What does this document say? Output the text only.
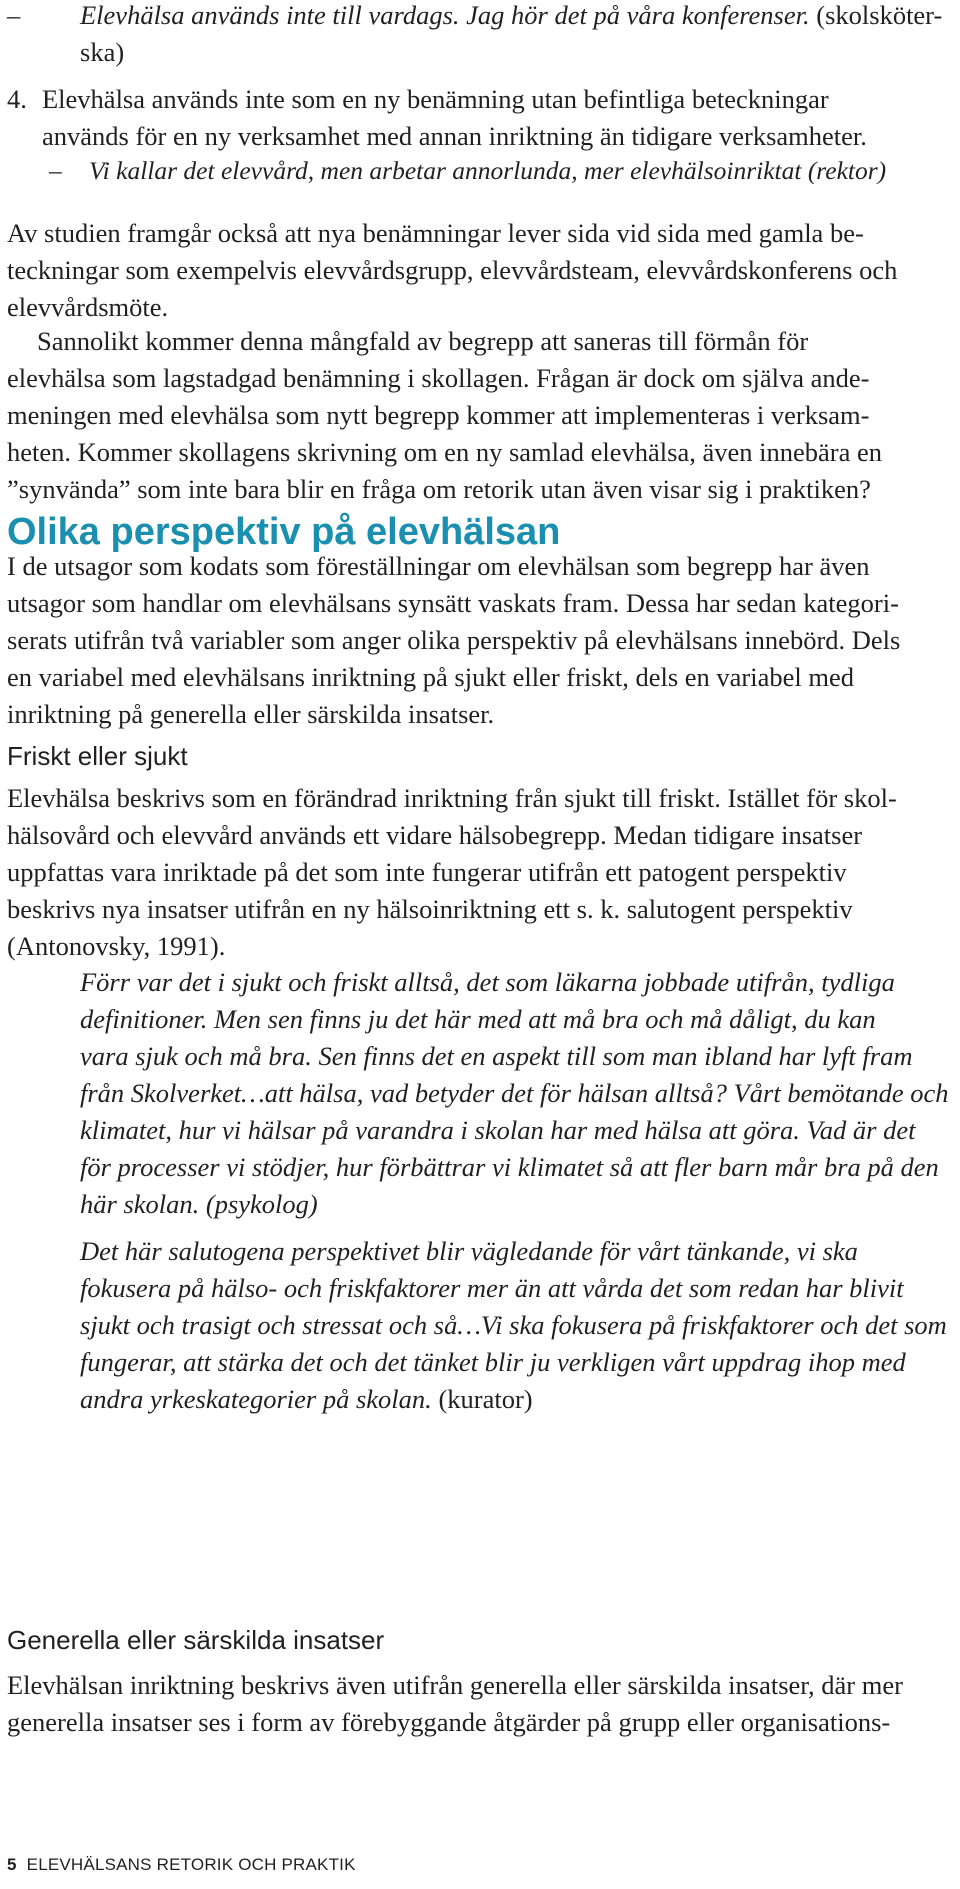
– Elevhälsa används inte till vardags. Jag hör det på våra konferenser. (skolsköter-
ska)
4. Elevhälsa används inte som en ny benämning utan befintliga beteckningar
används för en ny verksamhet med annan inriktning än tidigare verksamheter.
– Vi kallar det elevvård, men arbetar annorlunda, mer elevhälsoinriktat (rektor)
Av studien framgår också att nya benämningar lever sida vid sida med gamla be-
teckningar som exempelvis elevvårdsgrupp, elevvårdsteam, elevvårdskonferens och
elevvårdsmöte.
Sannolikt kommer denna mångfald av begrepp att saneras till förmån för
elevhälsa som lagstadgad benämning i skollagen. Frågan är dock om själva ande-
meningen med elevhälsa som nytt begrepp kommer att implementeras i verksam-
heten. Kommer skollagens skrivning om en ny samlad elevhälsa, även innebära en
”synvända” som inte bara blir en fråga om retorik utan även visar sig i praktiken?
Olika perspektiv på elevhälsan
I de utsagor som kodats som föreställningar om elevhälsan som begrepp har även
utsagor som handlar om elevhälsans synsätt vaskats fram. Dessa har sedan kategori-
serats utifrån två variabler som anger olika perspektiv på elevhälsans innebörd. Dels
en variabel med elevhälsans inriktning på sjukt eller friskt, dels en variabel med
inriktning på generella eller särskilda insatser.
Friskt eller sjukt
Elevhälsa beskrivs som en förändrad inriktning från sjukt till friskt. Istället för skol-
hälsovård och elevvård används ett vidare hälsobegrepp. Medan tidigare insatser
uppfattas vara inriktade på det som inte fungerar utifrån ett patogent perspektiv
beskrivs nya insatser utifrån en ny hälsoinriktning ett s. k. salutogent perspektiv
(Antonovsky, 1991).
Förr var det i sjukt och friskt alltså, det som läkarna jobbade utifrån, tydliga
definitioner. Men sen finns ju det här med att må bra och må dåligt, du kan
vara sjuk och må bra. Sen finns det en aspekt till som man ibland har lyft fram
från Skolverket…att hälsa, vad betyder det för hälsan alltså? Vårt bemötande och
klimatet, hur vi hälsar på varandra i skolan har med hälsa att göra. Vad är det
för processer vi stödjer, hur förbättrar vi klimatet så att fler barn mår bra på den
här skolan. (psykolog)
Det här salutogena perspektivet blir vägledande för vårt tänkande, vi ska
fokusera på hälso- och friskfaktorer mer än att vårda det som redan har blivit
sjukt och trasigt och stressat och så…Vi ska fokusera på friskfaktorer och det som
fungerar, att stärka det och det tänket blir ju verkligen vårt uppdrag ihop med
andra yrkeskategorier på skolan. (kurator)
Generella eller särskilda insatser
Elevhälsan inriktning beskrivs även utifrån generella eller särskilda insatser, där mer
generella insatser ses i form av förebyggande åtgärder på grupp eller organisations-
5 ELEVHÄLSANS RETORIK OCH PRAKTIK
